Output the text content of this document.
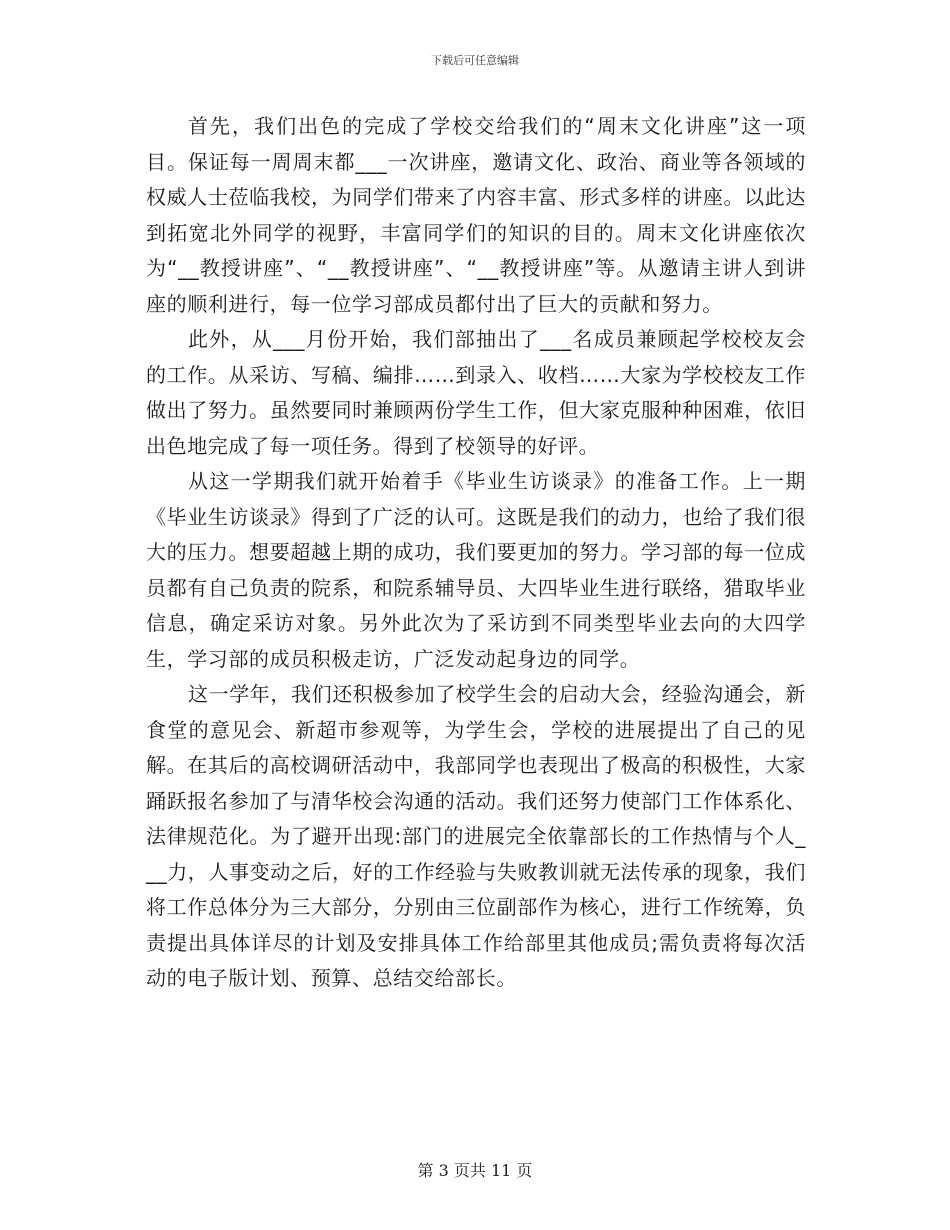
下载后可任意编辑

首先，我们出色的完成了学校交给我们的“周末文化讲座”这一项目。保证每一周周末都___一次讲座，邀请文化、政治、商业等各领域的权威人士莅临我校，为同学们带来了内容丰富、形式多样的讲座。以此达到拓宽北外同学的视野，丰富同学们的知识的目的。周末文化讲座依次为“__教授讲座”、“__教授讲座”、“__教授讲座”等。从邀请主讲人到讲座的顺利进行，每一位学习部成员都付出了巨大的贡献和努力。

此外，从___月份开始，我们部抽出了___名成员兼顾起学校校友会的工作。从采访、写稿、编排……到录入、收档……大家为学校校友工作做出了努力。虽然要同时兼顾两份学生工作，但大家克服种种困难，依旧出色地完成了每一项任务。得到了校领导的好评。

从这一学期我们就开始着手《毕业生访谈录》的准备工作。上一期《毕业生访谈录》得到了广泛的认可。这既是我们的动力，也给了我们很大的压力。想要超越上期的成功，我们要更加的努力。学习部的每一位成员都有自己负责的院系，和院系辅导员、大四毕业生进行联络，猎取毕业信息，确定采访对象。另外此次为了采访到不同类型毕业去向的大四学生，学习部的成员积极走访，广泛发动起身边的同学。

这一学年，我们还积极参加了校学生会的启动大会，经验沟通会，新食堂的意见会、新超市参观等，为学生会，学校的进展提出了自己的见解。在其后的高校调研活动中，我部同学也表现出了极高的积极性，大家踊跃报名参加了与清华校会沟通的活动。我们还努力使部门工作体系化、法律规范化。为了避开出现:部门的进展完全依靠部长的工作热情与个人___力，人事变动之后，好的工作经验与失败教训就无法传承的现象，我们将工作总体分为三大部分，分别由三位副部作为核心，进行工作统筹，负责提出具体详尽的计划及安排具体工作给部里其他成员;需负责将每次活动的电子版计划、预算、总结交给部长。

第 3 页共 11 页
